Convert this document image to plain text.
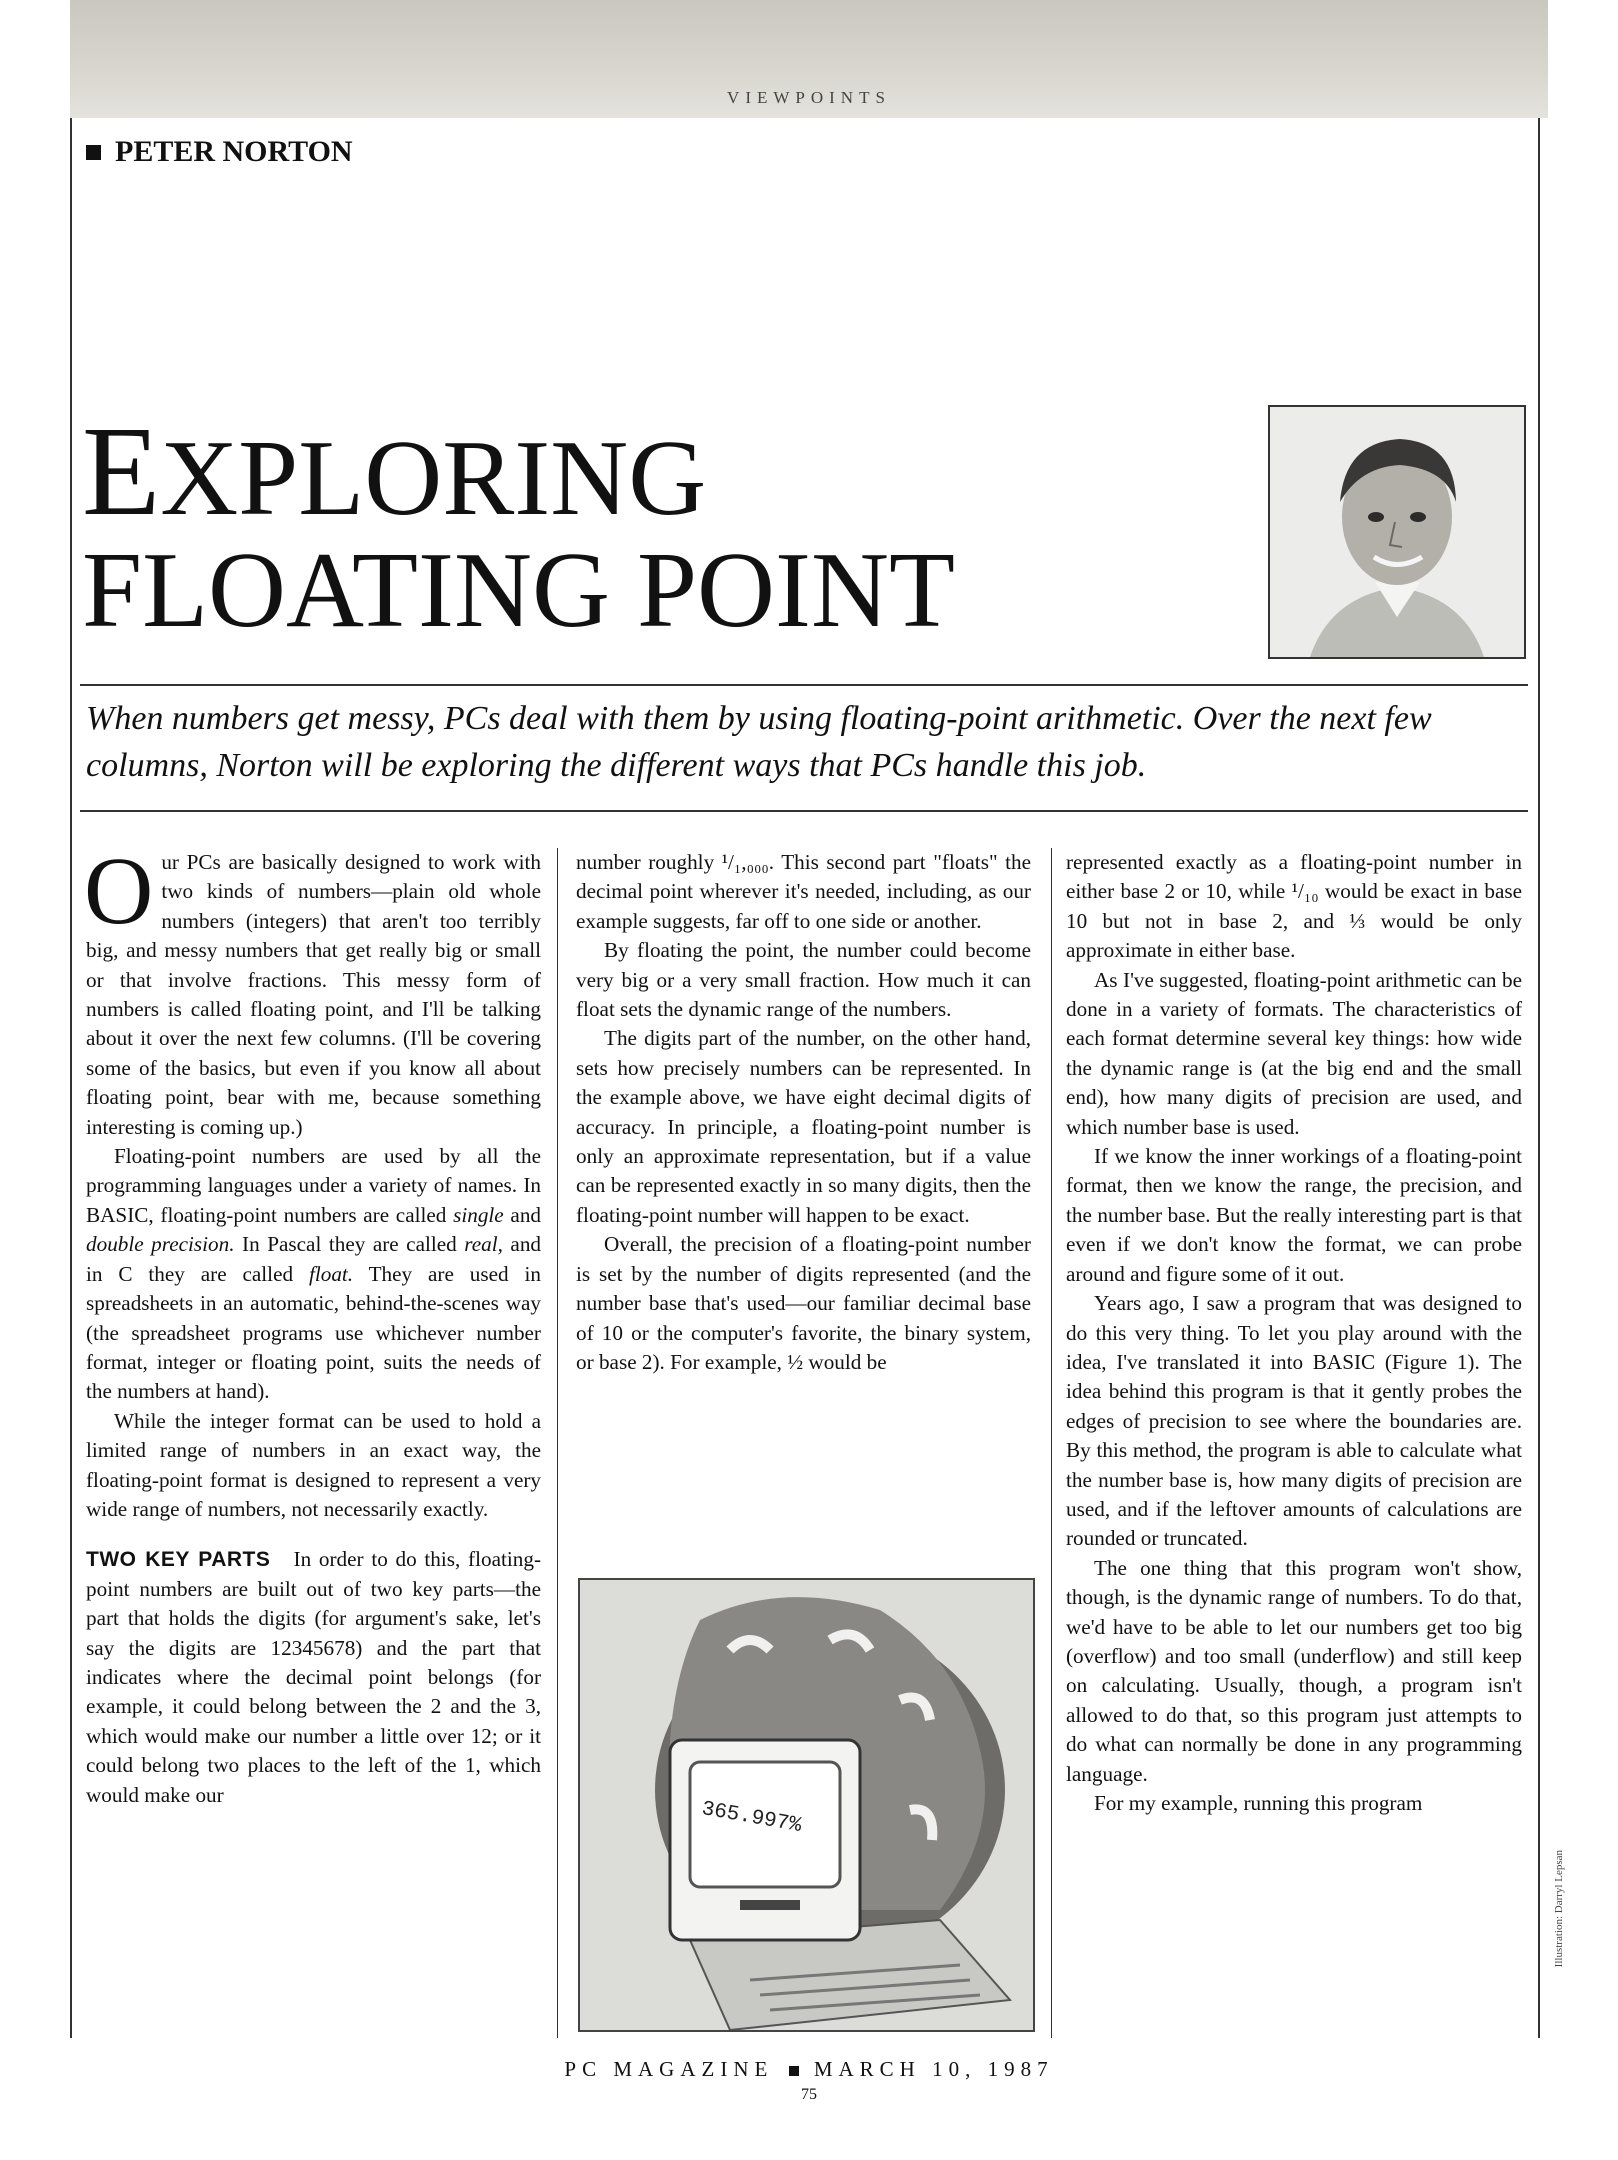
VIEWPOINTS
PETER NORTON
EXPLORING
FLOATING POINT
When numbers get messy, PCs deal with them by using floating-point arithmetic. Over the next few columns, Norton will be exploring the different ways that PCs handle this job.

Our PCs are basically designed to work with two kinds of numbers—plain old whole numbers (integers) that aren't too terribly big, and messy numbers that get really big or small or that involve fractions. This messy form of numbers is called floating point, and I'll be talking about it over the next few columns. (I'll be covering some of the basics, but even if you know all about floating point, bear with me, because something interesting is coming up.)

Floating-point numbers are used by all the programming languages under a variety of names. In BASIC, floating-point numbers are called single and double precision. In Pascal they are called real, and in C they are called float. They are used in spreadsheets in an automatic, behind-the-scenes way (the spreadsheet programs use whichever number format, integer or floating point, suits the needs of the numbers at hand).

While the integer format can be used to hold a limited range of numbers in an exact way, the floating-point format is designed to represent a very wide range of numbers, not necessarily exactly.

TWO KEY PARTS In order to do this, floating-point numbers are built out of two key parts—the part that holds the digits (for argument's sake, let's say the digits are 12345678) and the part that indicates where the decimal point belongs (for example, it could belong between the 2 and the 3, which would make our number a little over 12; or it could belong two places to the left of the 1, which would make our

number roughly ¹/₁,₀₀₀. This second part "floats" the decimal point wherever it's needed, including, as our example suggests, far off to one side or another.

By floating the point, the number could become very big or a very small fraction. How much it can float sets the dynamic range of the numbers.

The digits part of the number, on the other hand, sets how precisely numbers can be represented. In the example above, we have eight decimal digits of accuracy. In principle, a floating-point number is only an approximate representation, but if a value can be represented exactly in so many digits, then the floating-point number will happen to be exact.

Overall, the precision of a floating-point number is set by the number of digits represented (and the number base that's used—our familiar decimal base of 10 or the computer's favorite, the binary system, or base 2). For example, ½ would be

365.997%

represented exactly as a floating-point number in either base 2 or 10, while ¹/₁₀ would be exact in base 10 but not in base 2, and ⅓ would be only approximate in either base.

As I've suggested, floating-point arithmetic can be done in a variety of formats. The characteristics of each format determine several key things: how wide the dynamic range is (at the big end and the small end), how many digits of precision are used, and which number base is used.

If we know the inner workings of a floating-point format, then we know the range, the precision, and the number base. But the really interesting part is that even if we don't know the format, we can probe around and figure some of it out.

Years ago, I saw a program that was designed to do this very thing. To let you play around with the idea, I've translated it into BASIC (Figure 1). The idea behind this program is that it gently probes the edges of precision to see where the boundaries are. By this method, the program is able to calculate what the number base is, how many digits of precision are used, and if the leftover amounts of calculations are rounded or truncated.

The one thing that this program won't show, though, is the dynamic range of numbers. To do that, we'd have to be able to let our numbers get too big (overflow) and too small (underflow) and still keep on calculating. Usually, though, a program isn't allowed to do that, so this program just attempts to do what can normally be done in any programming language.

For my example, running this program

Illustration: Darryl Lepsan
PC MAGAZINE MARCH 10, 1987
75
